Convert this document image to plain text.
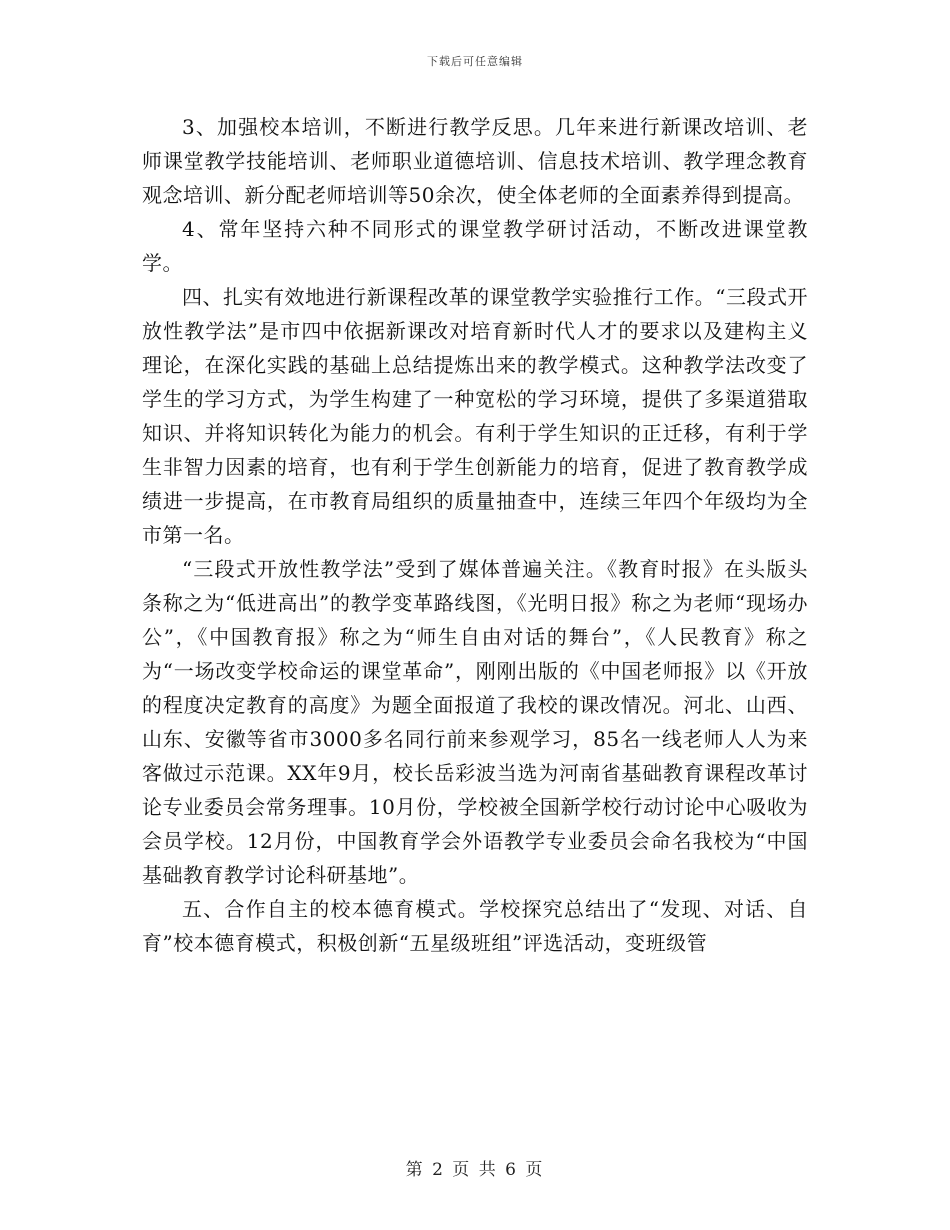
下载后可任意编辑

3、加强校本培训，不断进行教学反思。几年来进行新课改培训、老师课堂教学技能培训、老师职业道德培训、信息技术培训、教学理念教育观念培训、新分配老师培训等50余次，使全体老师的全面素养得到提高。

4、常年坚持六种不同形式的课堂教学研讨活动，不断改进课堂教学。

四、扎实有效地进行新课程改革的课堂教学实验推行工作。“三段式开放性教学法”是市四中依据新课改对培育新时代人才的要求以及建构主义理论，在深化实践的基础上总结提炼出来的教学模式。这种教学法改变了学生的学习方式，为学生构建了一种宽松的学习环境，提供了多渠道猎取知识、并将知识转化为能力的机会。有利于学生知识的正迁移，有利于学生非智力因素的培育，也有利于学生创新能力的培育，促进了教育教学成绩进一步提高，在市教育局组织的质量抽查中，连续三年四个年级均为全市第一名。

“三段式开放性教学法”受到了媒体普遍关注。《教育时报》在头版头条称之为“低进高出”的教学变革路线图，《光明日报》称之为老师“现场办公”，《中国教育报》称之为“师生自由对话的舞台”，《人民教育》称之为“一场改变学校命运的课堂革命”，刚刚出版的《中国老师报》以《开放的程度决定教育的高度》为题全面报道了我校的课改情况。河北、山西、山东、安徽等省市3000多名同行前来参观学习，85名一线老师人人为来客做过示范课。XX年9月，校长岳彩波当选为河南省基础教育课程改革讨论专业委员会常务理事。10月份，学校被全国新学校行动讨论中心吸收为会员学校。12月份，中国教育学会外语教学专业委员会命名我校为“中国基础教育教学讨论科研基地”。

五、合作自主的校本德育模式。学校探究总结出了“发现、对话、自育”校本德育模式，积极创新“五星级班组”评选活动，变班级管

第 2 页 共 6 页
